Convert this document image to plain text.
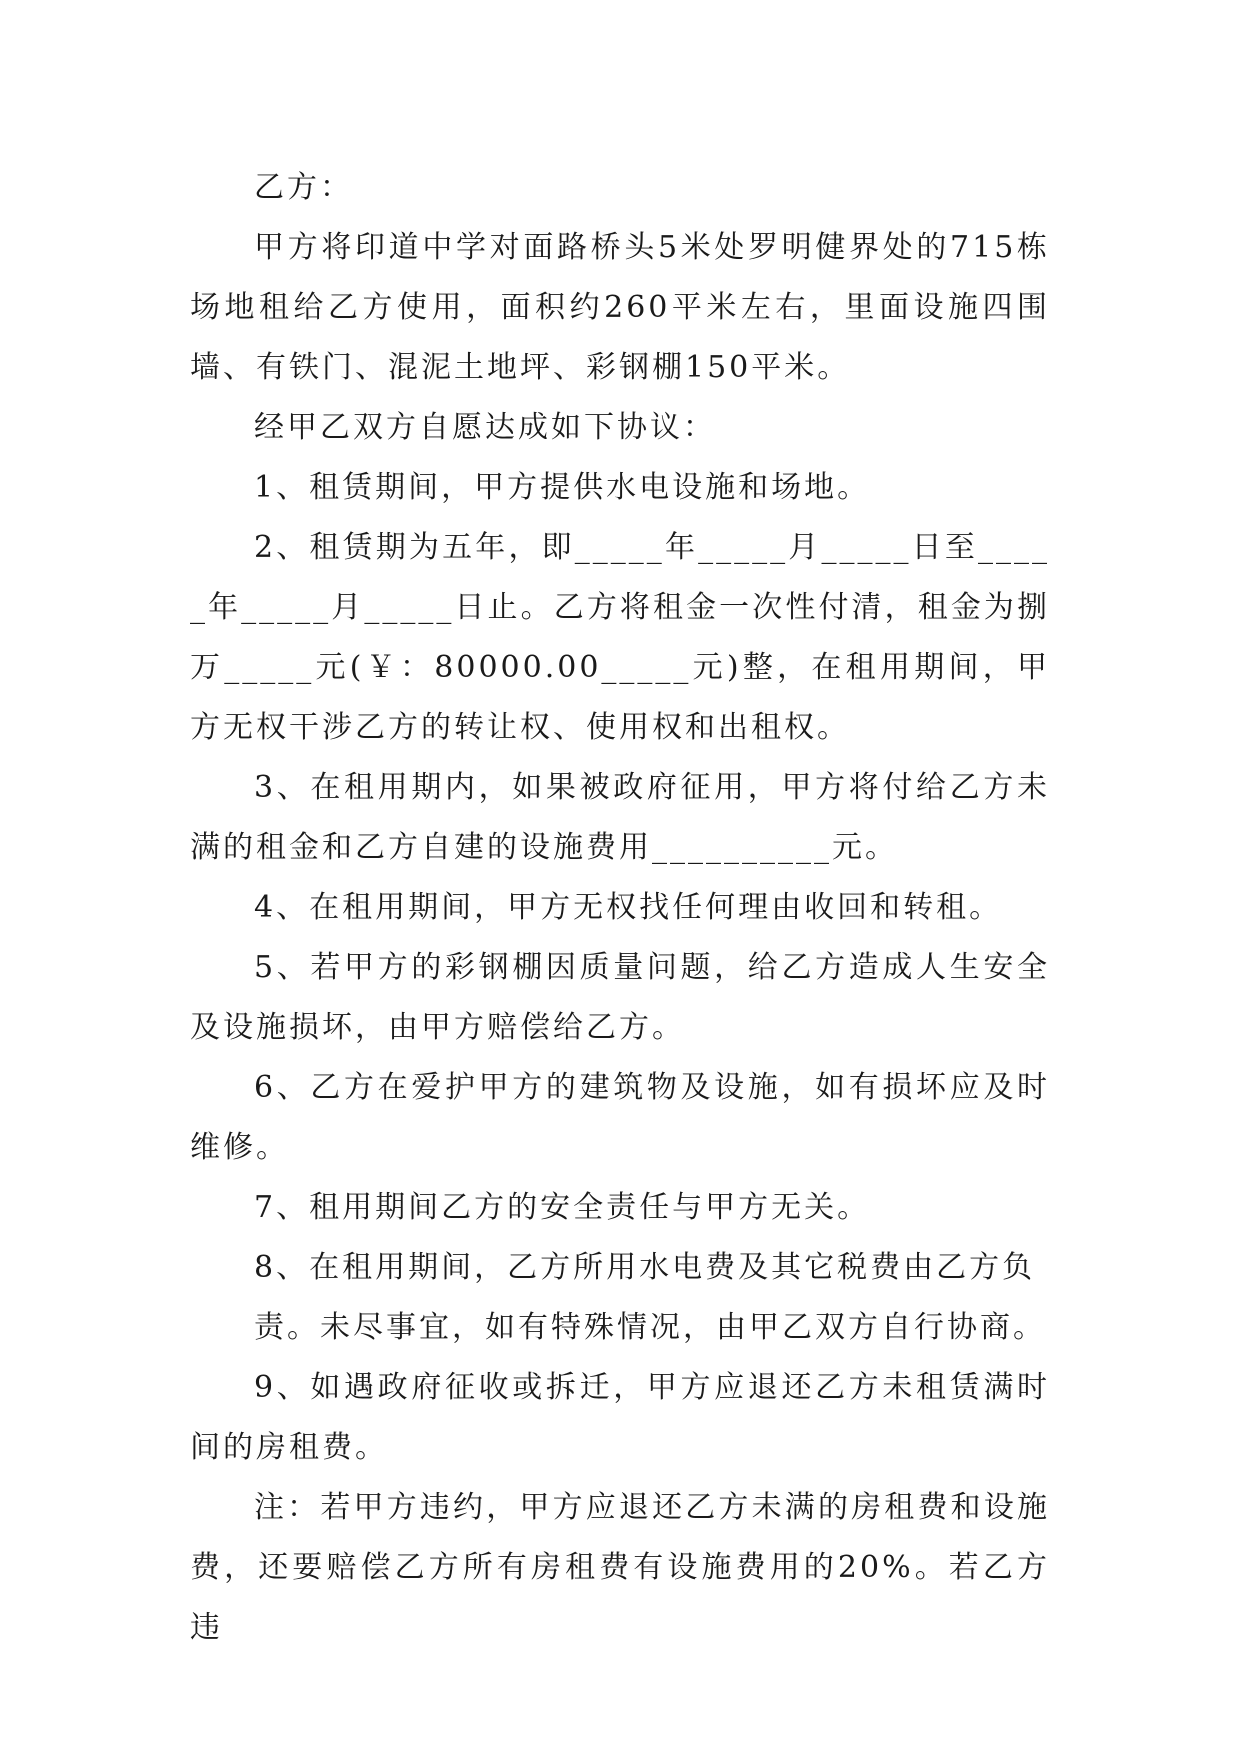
乙方：

甲方将印道中学对面路桥头5米处罗明健界处的715栋场地租给乙方使用，面积约260平米左右，里面设施四围墙、有铁门、混泥土地坪、彩钢棚150平米。

经甲乙双方自愿达成如下协议：

1、租赁期间，甲方提供水电设施和场地。

2、租赁期为五年，即_____年_____月_____日至_____年_____月_____日止。乙方将租金一次性付清，租金为捌万_____元(￥：80000.00_____元)整，在租用期间，甲方无权干涉乙方的转让权、使用权和出租权。

3、在租用期内，如果被政府征用，甲方将付给乙方未满的租金和乙方自建的设施费用__________元。

4、在租用期间，甲方无权找任何理由收回和转租。

5、若甲方的彩钢棚因质量问题，给乙方造成人生安全及设施损坏，由甲方赔偿给乙方。

6、乙方在爱护甲方的建筑物及设施，如有损坏应及时维修。

7、租用期间乙方的安全责任与甲方无关。

8、在租用期间，乙方所用水电费及其它税费由乙方负
责。未尽事宜，如有特殊情况，由甲乙双方自行协商。

9、如遇政府征收或拆迁，甲方应退还乙方未租赁满时间的房租费。

注：若甲方违约，甲方应退还乙方未满的房租费和设施费，还要赔偿乙方所有房租费有设施费用的20%。若乙方违
